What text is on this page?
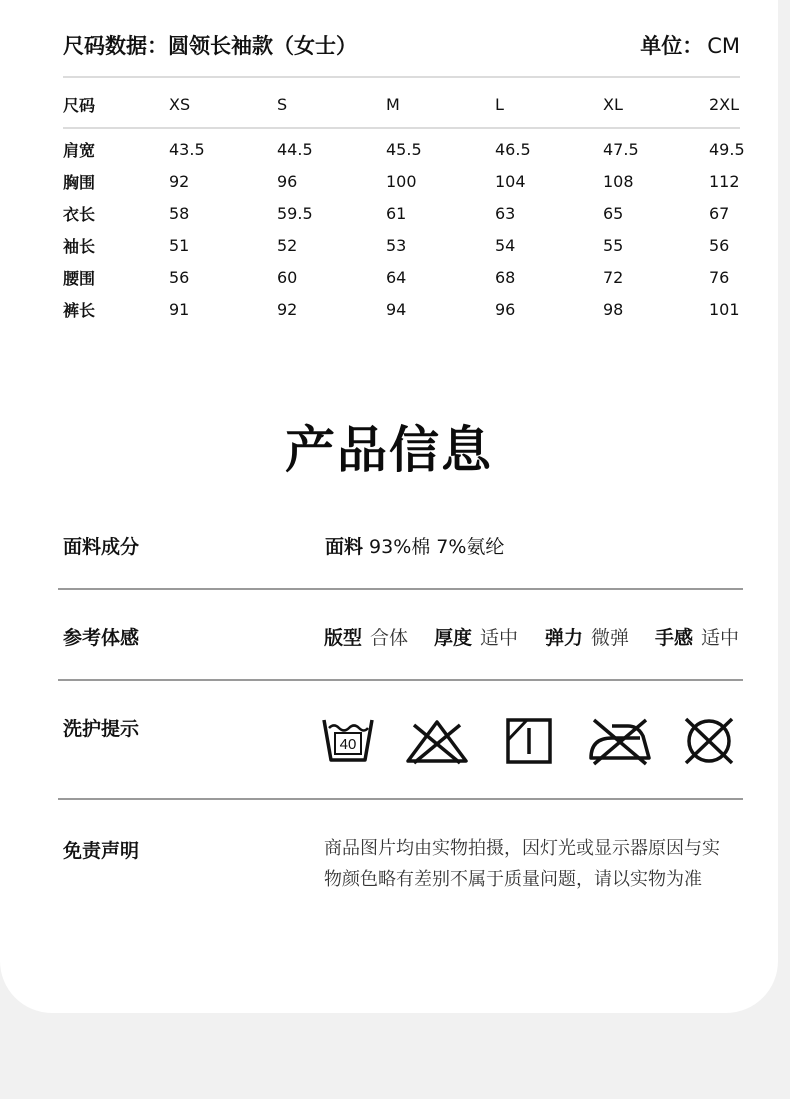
尺码数据：圆领长袖款（女士）	单位： CM
尺码	XS	S	M	L	XL	2XL

肩宽	43.5	44.5	45.5	46.5	47.5	49.5
胸围	92	96	100	104	108	112
衣长	58	59.5	61	63	65	67
袖长	51	52	53	54	55	56
腰围	56	60	64	68	72	76
裤长	91	92	94	96	98	101
产品信息
面料成分	面料 93%棉 7%氨纶
参考体感	版型 合体 厚度 适中 弹力 微弹 手感 适中
洗护提示
40
免责声明	商品图片均由实物拍摄，因灯光或显示器原因与实
物颜色略有差别不属于质量问题，请以实物为准
